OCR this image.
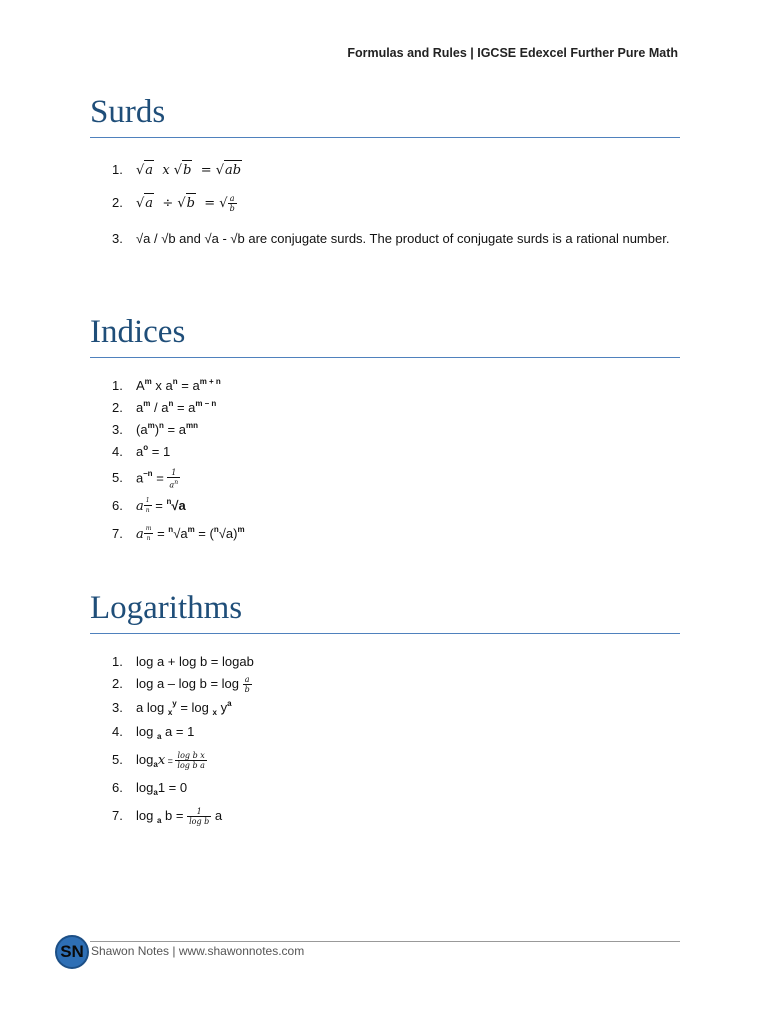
Formulas and Rules | IGCSE Edexcel Further Pure Math
Surds
1. √a x √b = √ab
2. √a ÷ √b = √ $\frac{a}{b}$
3. √a / √b and √a - √b are conjugate surds. The product of conjugate surds is a rational number.
Indices
1. $A^m$ x $a^n = a^{m + n}$
2. $a^m / a^n = a^{m - n}$
3. $(a^m)^n = a^{mn}$
4. $a^o = 1$
5. $a^{-n} = \frac{1}{a^n}$
6. a $\frac{1}{n} = ^n√a$
7. a $\frac{m}{n} = ^n√a^m = (^n√a)^m$
Logarithms
1. log a + log b = logab
2. $\log a - \log b = \log \frac{a}{b}$
3. a log $_x^y$ = log $_x$ $y^a$
4. log $_a$ a = 1
5. $\log_ax = \frac{\text{log b x}}{\text{log b a}}$
6. $\log_a1 = 0$
7. log $_a$ $b = \frac{1}{\text{log b}}$ a
SN Shawon Notes | www.shawonnotes.com
